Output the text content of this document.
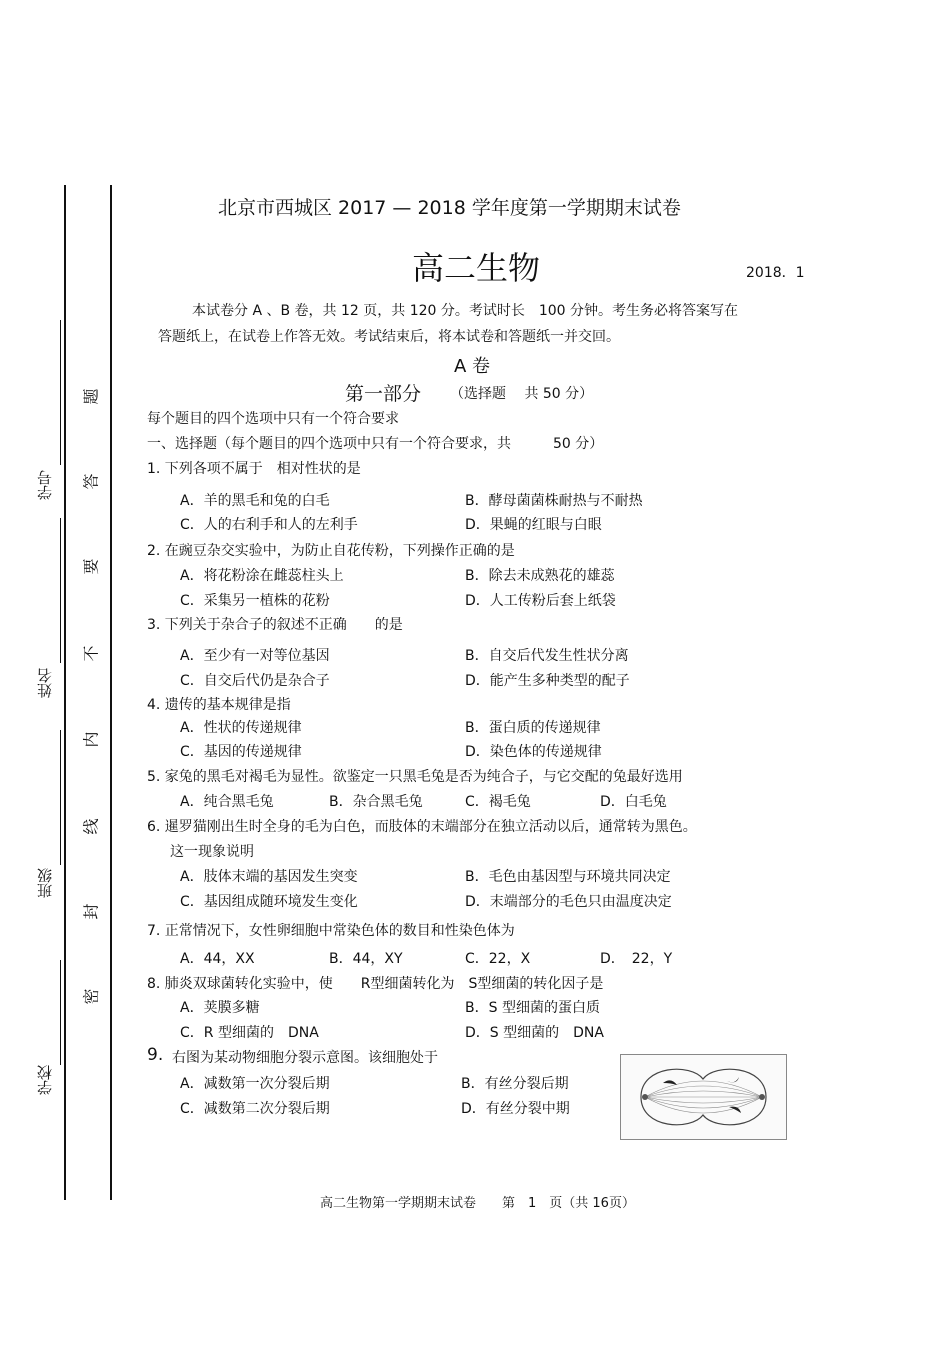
学校
班级
姓名
学号
题
答
要
不
内
线
封
密
北京市西城区 2017 — 2018 学年度第一学期期末试卷
高二生物	2018．1
本试卷分 A 、B 卷，共 12 页，共 120 分。考试时长　100 分钟。考生务必将答案写在
答题纸上，在试卷上作答无效。考试结束后，将本试卷和答题纸一并交回。
A 卷
第一部分 （选择题　 共 50 分）
每个题目的四个选项中只有一个符合要求
一、选择题（每个题目的四个选项中只有一个符合要求，共　　　50 分）
1. 下列各项不属于　相对性状的是
A．羊的黑毛和兔的白毛	B．酵母菌菌株耐热与不耐热
C．人的右利手和人的左利手	D．果蝇的红眼与白眼
2. 在豌豆杂交实验中，为防止自花传粉，下列操作正确的是
A．将花粉涂在雌蕊柱头上	B．除去未成熟花的雄蕊
C．采集另一植株的花粉	D．人工传粉后套上纸袋
3. 下列关于杂合子的叙述不正确　　的是
A．至少有一对等位基因	B．自交后代发生性状分离
C．自交后代仍是杂合子	D．能产生多种类型的配子
4. 遗传的基本规律是指
A．性状的传递规律	B．蛋白质的传递规律
C．基因的传递规律	D．染色体的传递规律
5. 家兔的黑毛对褐毛为显性。欲鉴定一只黑毛兔是否为纯合子，与它交配的兔最好选用
A．纯合黑毛兔	B．杂合黑毛兔	C．褐毛兔	D．白毛兔
6. 暹罗猫刚出生时全身的毛为白色，而肢体的末端部分在独立活动以后，通常转为黑色。
这一现象说明
A．肢体末端的基因发生突变	B．毛色由基因型与环境共同决定
C．基因组成随环境发生变化	D．末端部分的毛色只由温度决定
7. 正常情况下，女性卵细胞中常染色体的数目和性染色体为
A．44，XX	B．44，XY	C．22，X	D．　22，Y
8. 肺炎双球菌转化实验中，使　　R型细菌转化为　S型细菌的转化因子是
A．荚膜多糖	B．S 型细菌的蛋白质
C．R 型细菌的　DNA	D．S 型细菌的　DNA
9. 右图为某动物细胞分裂示意图。该细胞处于
A．减数第一次分裂后期	B．有丝分裂后期
C．减数第二次分裂后期	D．有丝分裂中期
高二生物第一学期期末试卷　　第　1　页（共 16页）
